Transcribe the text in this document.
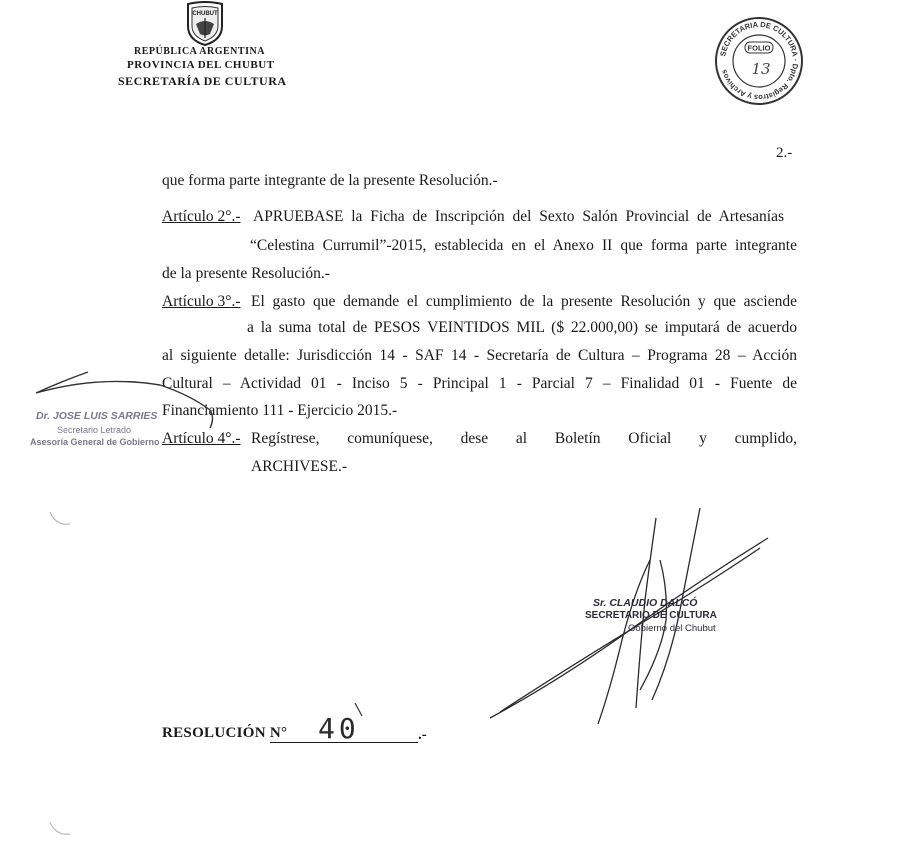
CHUBUT
REPÚBLICA ARGENTINA
PROVINCIA DEL CHUBUT
SECRETARÍA DE CULTURA
SECRETARIA DE CULTURA · Dpto. Registros y Archivos
FOLIO
13
2.-
que forma parte integrante de la presente Resolución.-
Artículo 2°.- APRUEBASE la Ficha de Inscripción del Sexto Salón Provincial de Artesanías
“Celestina Currumil”-2015, establecida en el Anexo II que forma parte integrante
de la presente Resolución.-
Artículo 3°.- El gasto que demande el cumplimiento de la presente Resolución y que asciende
a la suma total de PESOS VEINTIDOS MIL ($ 22.000,00) se imputará de acuerdo
al siguiente detalle: Jurisdicción 14 - SAF 14 - Secretaría de Cultura – Programa 28 – Acción
Cultural – Actividad 01 - Inciso 5 - Principal 1 - Parcial 7 – Finalidad 01 - Fuente de
Financiamiento 111 - Ejercicio 2015.-
Artículo 4°.- Regístrese, comuníquese, dese al Boletín Oficial y cumplido,
ARCHIVESE.-
Dr. JOSE LUIS SARRIES
Secretario Letrado
Asesoría General de Gobierno
Sr. CLAUDIO DALCÓ
SECRETARIO DE CULTURA
Gobierno del Chubut
RESOLUCIÓN N° 40	.-
